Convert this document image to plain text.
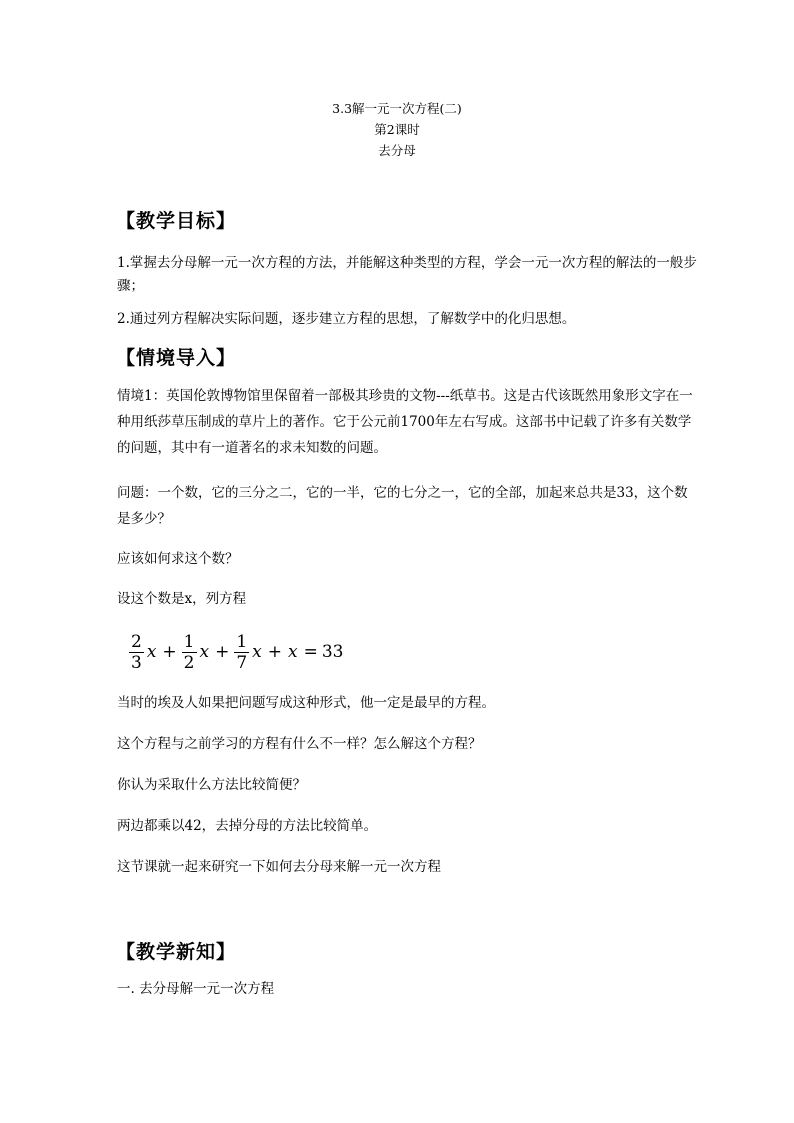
3.3解一元一次方程(二)
第2课时
去分母
【教学目标】
1.掌握去分母解一元一次方程的方法，并能解这种类型的方程，学会一元一次方程的解法的一般步骤；
2.通过列方程解决实际问题，逐步建立方程的思想，了解数学中的化归思想。
【情境导入】
情境1：英国伦敦博物馆里保留着一部极其珍贵的文物---纸草书。这是古代该既然用象形文字在一种用纸莎草压制成的草片上的著作。它于公元前1700年左右写成。这部书中记载了许多有关数学的问题，其中有一道著名的求未知数的问题。
问题：一个数，它的三分之二，它的一半，它的七分之一，它的全部，加起来总共是33，这个数是多少？
应该如何求这个数？
设这个数是x，列方程
$\frac{2}{3}$ $x + \frac{1}{2}$ $x + \frac{1}{7}$ x + x = 33
当时的埃及人如果把问题写成这种形式，他一定是最早的方程。
这个方程与之前学习的方程有什么不一样？怎么解这个方程？
你认为采取什么方法比较简便？
两边都乘以42，去掉分母的方法比较简单。
这节课就一起来研究一下如何去分母来解一元一次方程
【教学新知】
一. 去分母解一元一次方程
